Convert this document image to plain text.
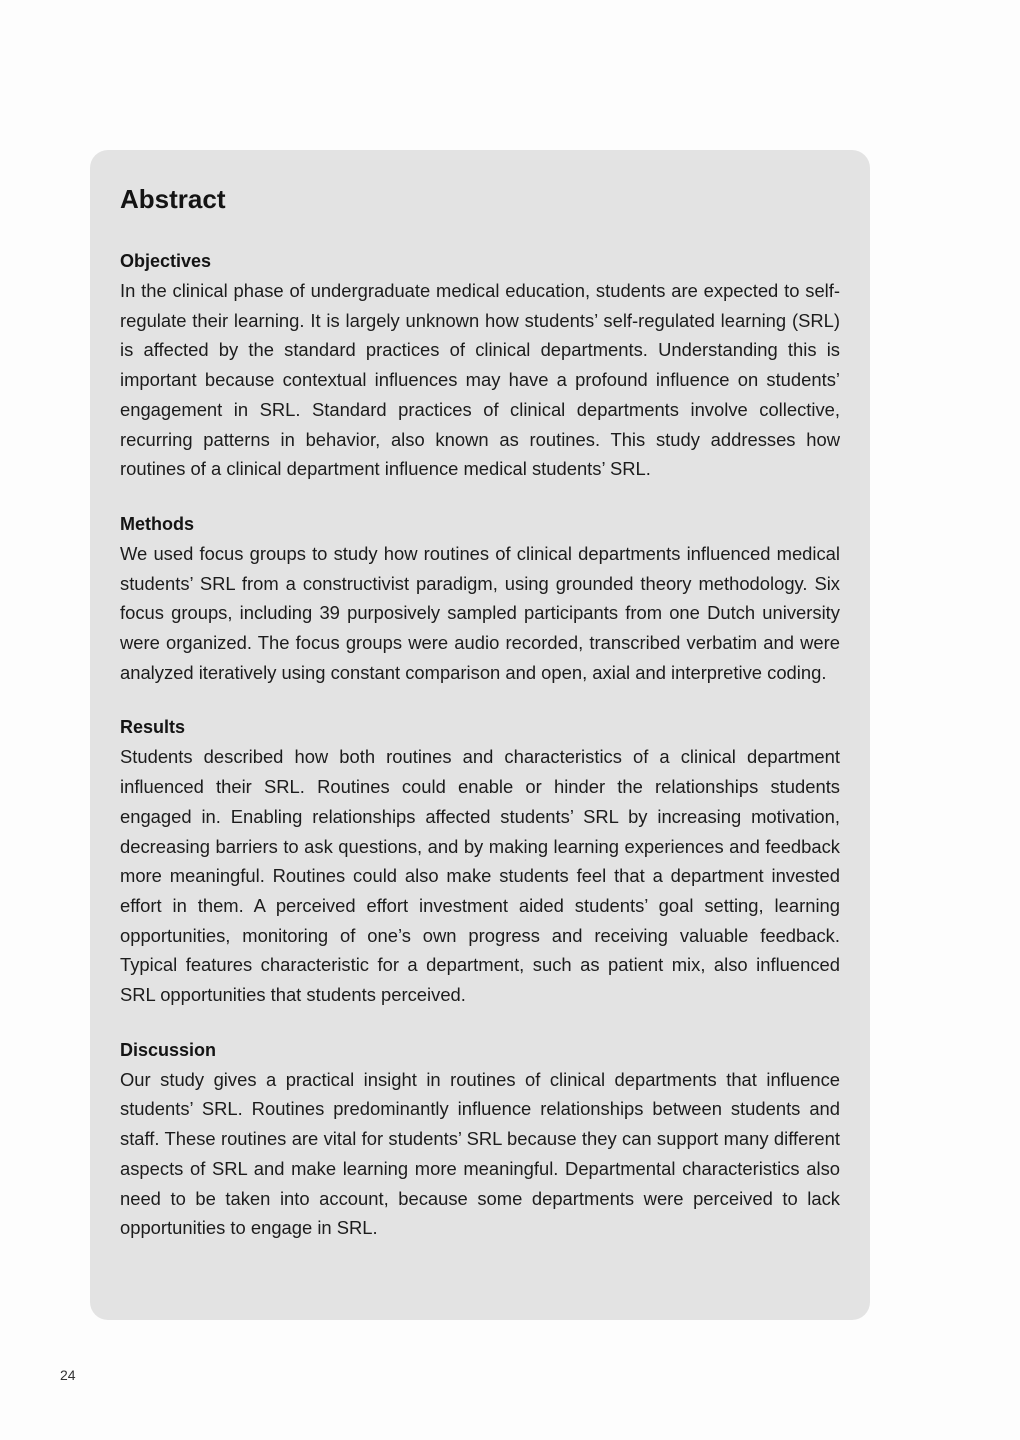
Abstract
Objectives

In the clinical phase of undergraduate medical education, students are expected to self-regulate their learning. It is largely unknown how students’ self-regulated learning (SRL) is affected by the standard practices of clinical departments. Understanding this is important because contextual influences may have a profound influence on students’ engagement in SRL. Standard practices of clinical departments involve collective, recurring patterns in behavior, also known as routines. This study addresses how routines of a clinical department influence medical students’ SRL.

Methods

We used focus groups to study how routines of clinical departments influenced medical students’ SRL from a constructivist paradigm, using grounded theory methodology. Six focus groups, including 39 purposively sampled participants from one Dutch university were organized. The focus groups were audio recorded, transcribed verbatim and were analyzed iteratively using constant comparison and open, axial and interpretive coding.

Results

Students described how both routines and characteristics of a clinical department influenced their SRL. Routines could enable or hinder the relationships students engaged in. Enabling relationships affected students’ SRL by increasing motivation, decreasing barriers to ask questions, and by making learning experiences and feedback more meaningful. Routines could also make students feel that a department invested effort in them. A perceived effort investment aided students’ goal setting, learning opportunities, monitoring of one’s own progress and receiving valuable feedback. Typical features characteristic for a department, such as patient mix, also influenced SRL opportunities that students perceived.

Discussion

Our study gives a practical insight in routines of clinical departments that influence students’ SRL. Routines predominantly influence relationships between students and staff. These routines are vital for students’ SRL because they can support many different aspects of SRL and make learning more meaningful. Departmental characteristics also need to be taken into account, because some departments were perceived to lack opportunities to engage in SRL.

24
